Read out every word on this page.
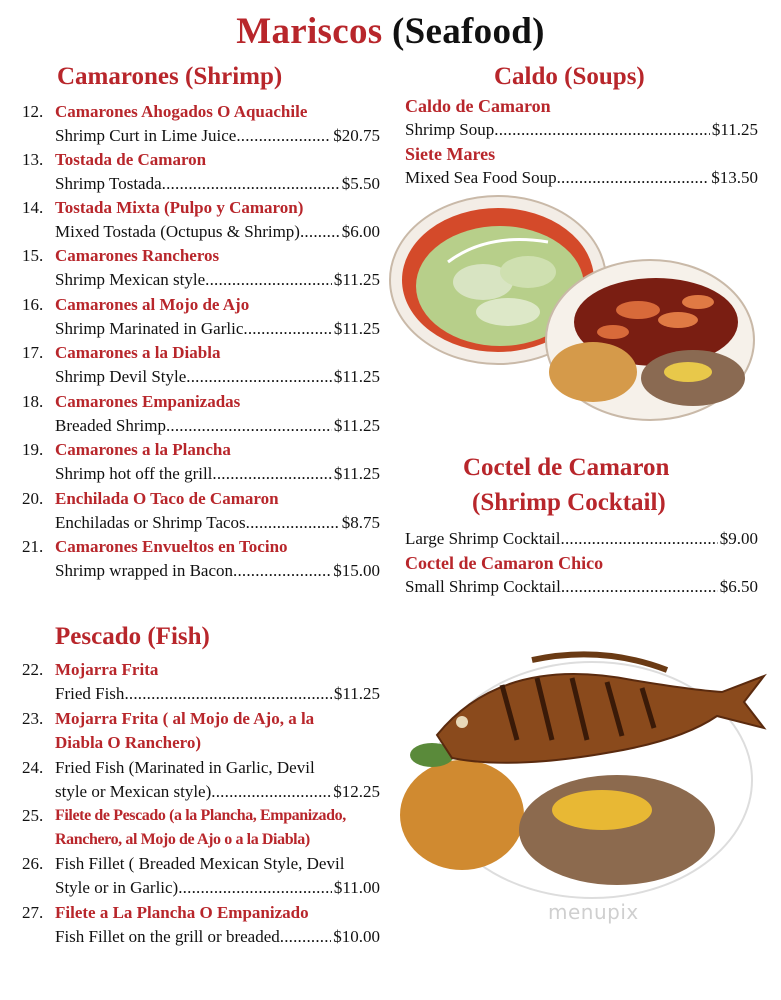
Mariscos (Seafood)
Camarones (Shrimp)
12. Camarones Ahogados O Aquachile
Shrimp Curt in Lime Juice .....	$20.75
13. Tostada de Camaron
Shrimp Tostada .....	$5.50
14. Tostada Mixta (Pulpo y Camaron)
Mixed Tostada (Octupus & Shrimp) ..... $6.00
15. Camarones Rancheros
Shrimp Mexican style .....	$11.25
16. Camarones al Mojo de Ajo
Shrimp Marinated in Garlic .....	$11.25
17. Camarones a la Diabla
Shrimp Devil Style .....	$11.25
18. Camarones Empanizadas
Breaded Shrimp .....	$11.25
19. Camarones a la Plancha
Shrimp hot off the grill .....	$11.25
20. Enchilada O Taco de Camaron
Enchiladas or Shrimp Tacos .....	$8.75
21. Camarones Envueltos en Tocino
Shrimp wrapped in Bacon .....	$15.00
Pescado (Fish)
22. Mojarra Frita
Fried Fish .....	$11.25
23. Mojarra Frita ( al Mojo de Ajo, a la
Diabla O Ranchero)
24. Fried Fish (Marinated in Garlic, Devil
style or Mexican style) .....	$12.25
25. Filete de Pescado (a la Plancha, Empanizado,
Ranchero, al Mojo de Ajo o a la Diabla)
26. Fish Fillet ( Breaded Mexican Style, Devil
Style or in Garlic) .....	$11.00
27. Filete a La Plancha O Empanizado
Fish Fillet on the grill or breaded .....	$10.00
Caldo (Soups)
Caldo de Camaron
Shrimp Soup .....	$11.25
Siete Mares
Mixed Sea Food Soup .....	$13.50
Coctel de Camaron
(Shrimp Cocktail)
Large Shrimp Cocktail .....	$9.00
Coctel de Camaron Chico
Small Shrimp Cocktail .....	$6.50
menupix
